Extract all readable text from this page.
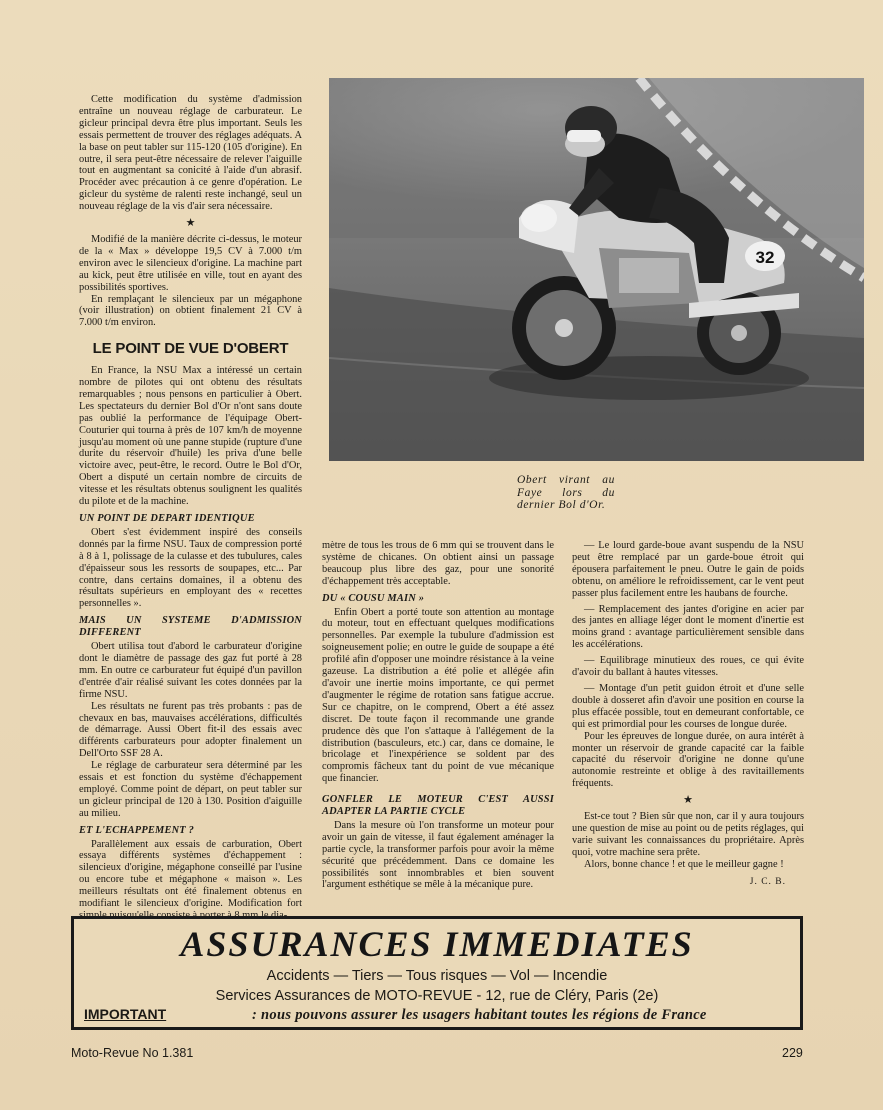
Cette modification du système d'admission entraîne un nouveau réglage de carburateur. Le gicleur principal devra être plus important. Seuls les essais permettent de trouver des réglages adéquats. A la base on peut tabler sur 115-120 (105 d'origine). En outre, il sera peut-être nécessaire de relever l'aiguille tout en augmentant sa conicité à l'aide d'un abrasif. Procéder avec précaution à ce genre d'opération. Le gicleur du système de ralenti reste inchangé, seul un nouveau réglage de la vis d'air sera nécessaire.

★

Modifié de la manière décrite ci-dessus, le moteur de la « Max » développe 19,5 CV à 7.000 t/m environ avec le silencieux d'origine. La machine part au kick, peut être utilisée en ville, tout en ayant des possibilités sportives.

En remplaçant le silencieux par un mégaphone (voir illustration) on obtient finalement 21 CV à 7.000 t/m environ.

LE POINT DE VUE D'OBERT

En France, la NSU Max a intéressé un certain nombre de pilotes qui ont obtenu des résultats remarquables ; nous pensons en particulier à Obert. Les spectateurs du dernier Bol d'Or n'ont sans doute pas oublié la performance de l'équipage Obert-Couturier qui tourna à près de 107 km/h de moyenne jusqu'au moment où une panne stupide (rupture d'une durite du réservoir d'huile) les priva d'une belle victoire avec, peut-être, le record. Outre le Bol d'Or, Obert a disputé un certain nombre de circuits de vitesse et les résultats obtenus soulignent les qualités du pilote et de la machine.

UN POINT DE DEPART IDENTIQUE

Obert s'est évidemment inspiré des conseils donnés par la firme NSU. Taux de compression porté à 8 à 1, polissage de la culasse et des tubulures, cales d'épaisseur sous les ressorts de soupapes, etc... Par contre, dans certains domaines, il a obtenu des résultats supérieurs en employant des « recettes personnelles ».

MAIS UN SYSTEME D'ADMISSION DIFFERENT

Obert utilisa tout d'abord le carburateur d'origine dont le diamètre de passage des gaz fut porté à 28 mm. En outre ce carburateur fut équipé d'un pavillon d'entrée d'air réalisé suivant les cotes données par la firme NSU.

Les résultats ne furent pas très probants : pas de chevaux en bas, mauvaises accélérations, difficultés de démarrage. Aussi Obert fit-il des essais avec différents carburateurs pour adopter finalement un Dell'Orto SSF 28 A.

Le réglage de carburateur sera déterminé par les essais et est fonction du système d'échappement employé. Comme point de départ, on peut tabler sur un gicleur principal de 120 à 130. Position d'aiguille au milieu.

ET L'ECHAPPEMENT ?

Parallèlement aux essais de carburation, Obert essaya différents systèmes d'échappement : silencieux d'origine, mégaphone conseillé par l'usine ou encore tube et mégaphone « maison ». Les meilleurs résultats ont été finalement obtenus en modifiant le silencieux d'origine. Modification fort

32
Obert virant au Faye lors du dernier Bol d'Or.

mètre de tous les trous de 6 mm qui se trouvent dans le système de chicanes. On obtient ainsi un passage beaucoup plus libre des gaz, pour une sonorité d'échappement très acceptable.

DU « COUSU MAIN »

Enfin Obert a porté toute son attention au montage du moteur, tout en effectuant quelques modifications personnelles. Par exemple la tubulure d'admission est soigneusement polie; en outre le guide de soupape a été profilé afin d'opposer une moindre résistance à la veine gazeuse. La distribution a été polie et allégée afin d'avoir une inertie moins importante, ce qui permet d'augmenter le régime de rotation sans fatigue accrue. Sur ce chapitre, on le comprend, Obert a été assez discret. De toute façon il recommande une grande prudence dès que l'on s'attaque à l'allégement de la distribution (basculeurs, etc.) car, dans ce domaine, le bricolage et l'inexpérience se soldent par des compromis fâcheux tant du point de vue mécanique que financier.

GONFLER LE MOTEUR C'EST AUSSI ADAPTER LA PARTIE CYCLE

Dans la mesure où l'on transforme un moteur pour avoir un gain de vitesse, il faut également aménager la partie cycle, la transformer parfois pour avoir la même sécurité que précédemment. Dans ce domaine les possibilités sont innombrables et bien souvent l'argument esthétique se mêle à la mécanique pure.

— Le lourd garde-boue avant suspendu de la NSU peut être remplacé par un garde-boue étroit qui épousera parfaitement le pneu. Outre le gain de poids obtenu, on améliore le refroidissement, car le vent peut passer plus facilement entre les haubans de fourche.

— Remplacement des jantes d'origine en acier par des jantes en alliage léger dont le moment d'inertie est moins grand : avantage particulièrement sensible dans les accélérations.

— Equilibrage minutieux des roues, ce qui évite d'avoir du ballant à hautes vitesses.

— Montage d'un petit guidon étroit et d'une selle double à dosseret afin d'avoir une position en course la plus effacée possible, tout en demeurant confortable, ce qui est primordial pour les courses de longue durée.

Pour les épreuves de longue durée, on aura intérêt à monter un réservoir de grande capacité car la faible capacité du réservoir d'origine ne donne qu'une autonomie restreinte et oblige à des ravitaillements fréquents.

★

Est-ce tout ? Bien sûr que non, car il y aura toujours une question de mise au point ou de petits réglages, qui varie suivant les connaissances du propriétaire. Après quoi, votre machine sera prête.

Alors, bonne chance ! et que le meilleur gagne !

J. C. B.
ASSURANCES IMMEDIATES
Accidents — Tiers — Tous risques — Vol — Incendie
Services Assurances de MOTO-REVUE - 12, rue de Cléry, Paris (2e)
IMPORTANT	: nous pouvons assurer les usagers habitant toutes les régions de France
Moto-Revue No 1.381	229
